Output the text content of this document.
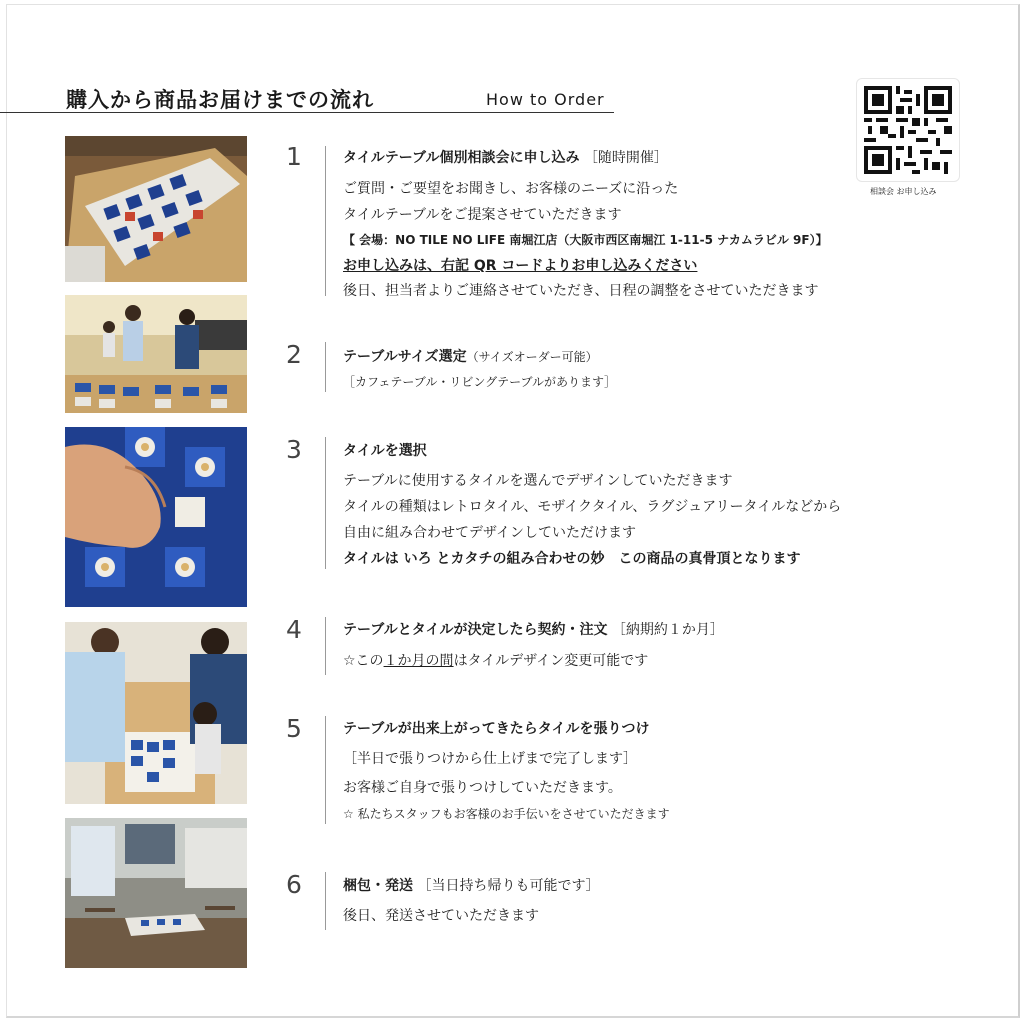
購入から商品お届けまでの流れ	How to Order
相談会 お申し込み
1	タイルテーブル個別相談会に申し込み ［随時開催］
ご質問・ご要望をお聞きし、お客様のニーズに沿った
タイルテーブルをご提案させていただきます
【 会場：NO TILE NO LIFE 南堀江店（大阪市西区南堀江 1-11-5 ナカムラビル 9F）】
お申し込みは、右記 QR コードよりお申し込みください
後日、担当者よりご連絡させていただき、日程の調整をさせていただきます
2	テーブルサイズ選定（サイズオーダー可能）
［カフェテーブル・リビングテーブルがあります］
3	タイルを選択
テーブルに使用するタイルを選んでデザインしていただきます
タイルの種類はレトロタイル、モザイクタイル、ラグジュアリータイルなどから
自由に組み合わせてデザインしていただけます
タイルは いろ とカタチの組み合わせの妙　この商品の真骨頂となります
4	テーブルとタイルが決定したら契約・注文 ［納期約１か月］
☆この１か月の間はタイルデザイン変更可能です
5	テーブルが出来上がってきたらタイルを張りつけ
［半日で張りつけから仕上げまで完了します］
お客様ご自身で張りつけしていただきます。
☆ 私たちスタッフもお客様のお手伝いをさせていただきます
6	梱包・発送 ［当日持ち帰りも可能です］
後日、発送させていただきます
